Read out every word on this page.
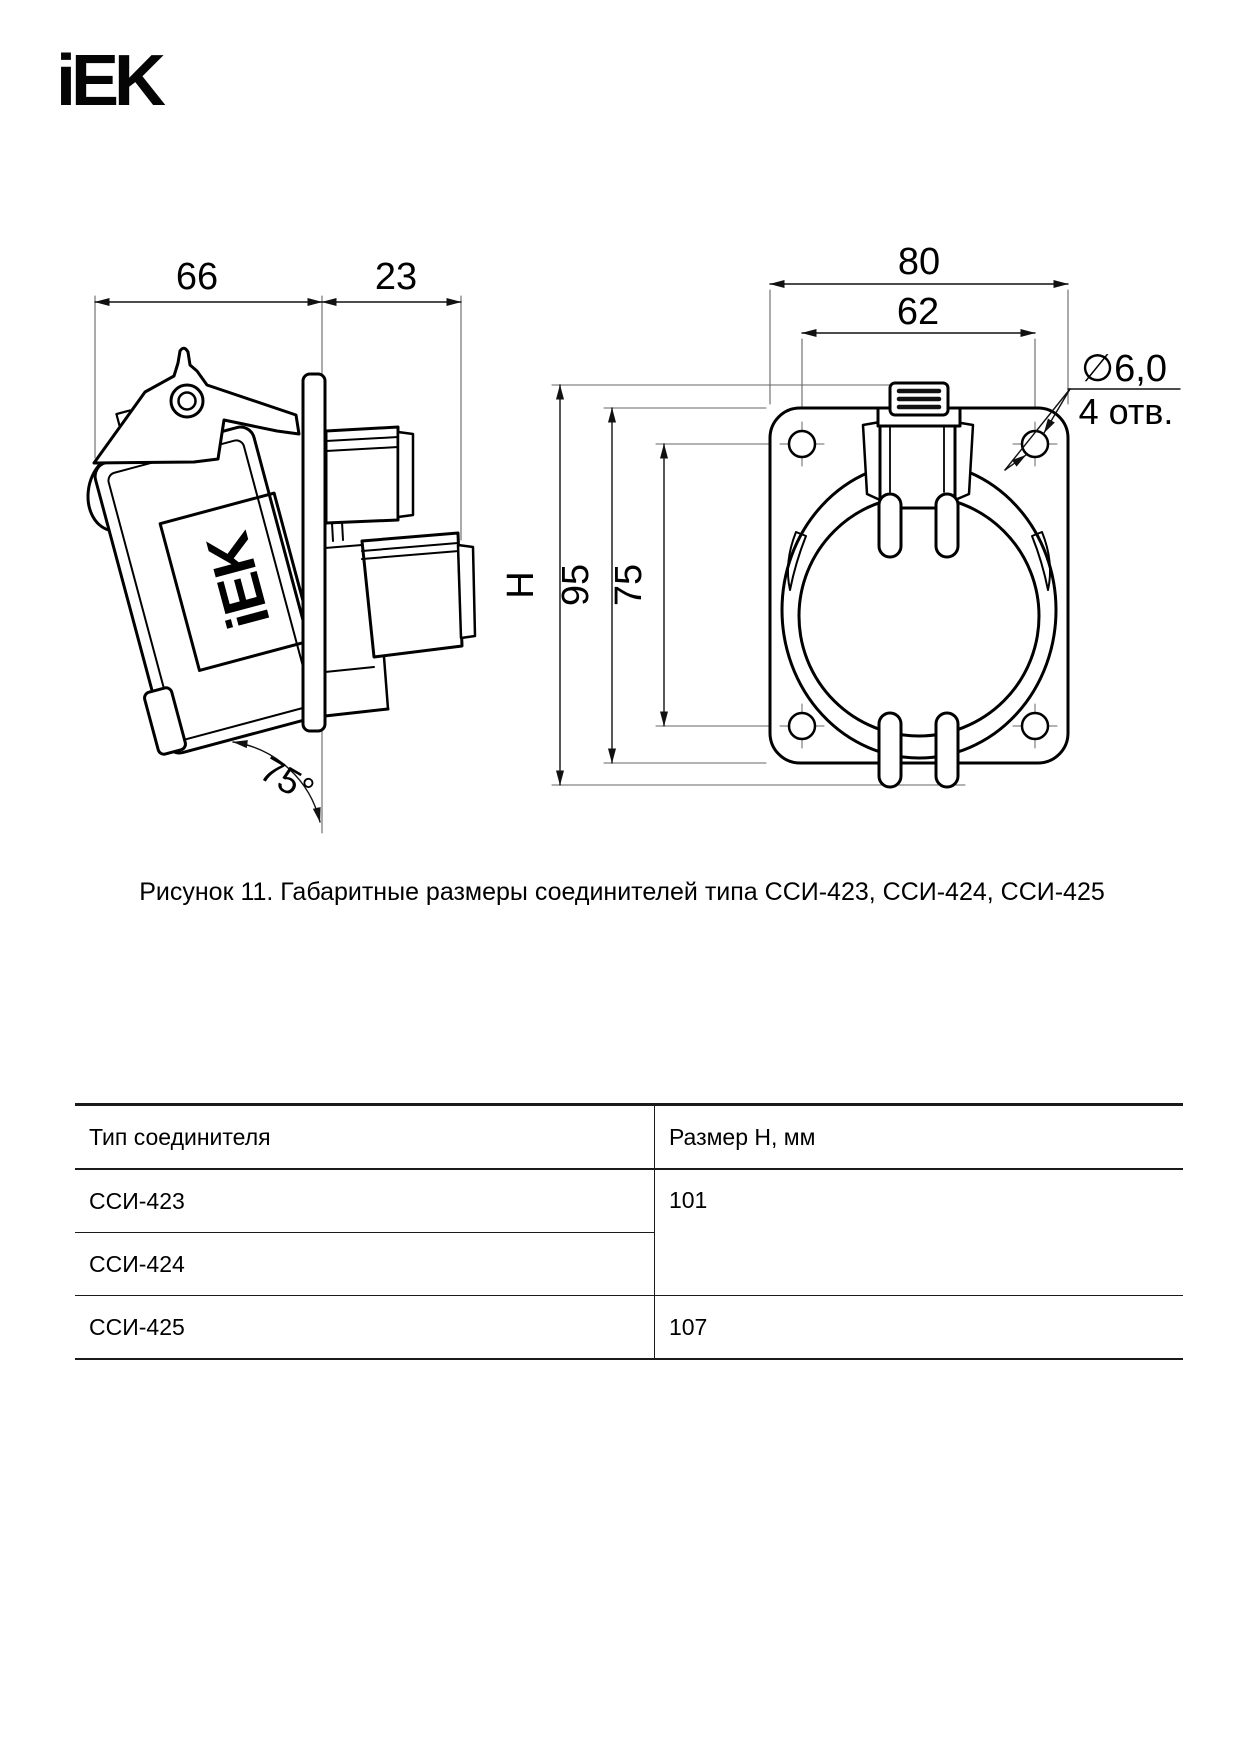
iEK
66	23
iEK
75°
80
62
H 95 75
∅6,0
4 отв.
Рисунок 11. Габаритные размеры соединителей типа ССИ-423, ССИ-424, ССИ-425
Тип соединителя	Размер H, мм
ССИ-423	101
ССИ-424	
ССИ-425	107
